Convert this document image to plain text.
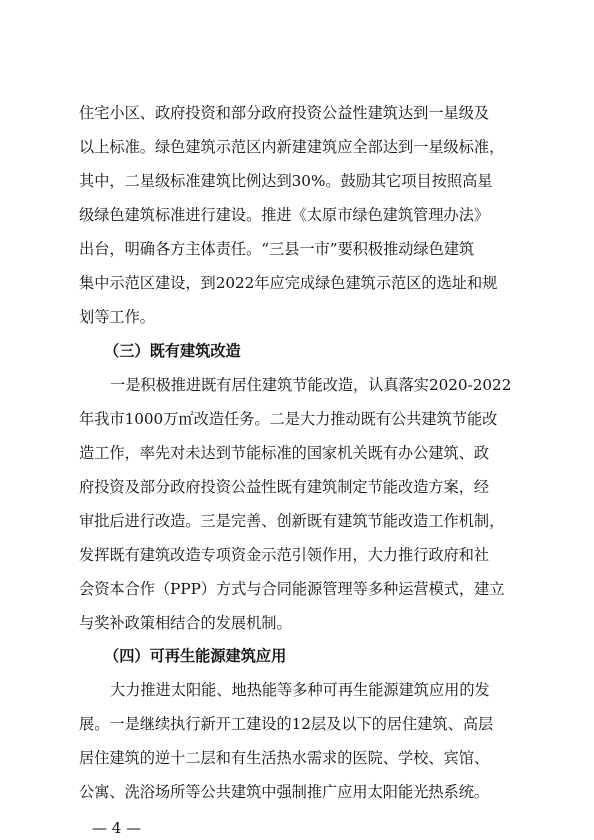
住宅小区、政府投资和部分政府投资公益性建筑达到一星级及
以上标准。绿色建筑示范区内新建建筑应全部达到一星级标准，
其中，二星级标准建筑比例达到30%。鼓励其它项目按照高星
级绿色建筑标准进行建设。推进《太原市绿色建筑管理办法》
出台，明确各方主体责任。“三县一市”要积极推动绿色建筑
集中示范区建设，到2022年应完成绿色建筑示范区的选址和规
划等工作。
（三）既有建筑改造
一是积极推进既有居住建筑节能改造，认真落实2020-2022
年我市1000万㎡改造任务。二是大力推动既有公共建筑节能改
造工作，率先对未达到节能标准的国家机关既有办公建筑、政
府投资及部分政府投资公益性既有建筑制定节能改造方案，经
审批后进行改造。三是完善、创新既有建筑节能改造工作机制，
发挥既有建筑改造专项资金示范引领作用，大力推行政府和社
会资本合作（PPP）方式与合同能源管理等多种运营模式，建立
与奖补政策相结合的发展机制。
（四）可再生能源建筑应用
大力推进太阳能、地热能等多种可再生能源建筑应用的发
展。一是继续执行新开工建设的12层及以下的居住建筑、高层
居住建筑的逆十二层和有生活热水需求的医院、学校、宾馆、
公寓、洗浴场所等公共建筑中强制推广应用太阳能光热系统。
— 4 —
